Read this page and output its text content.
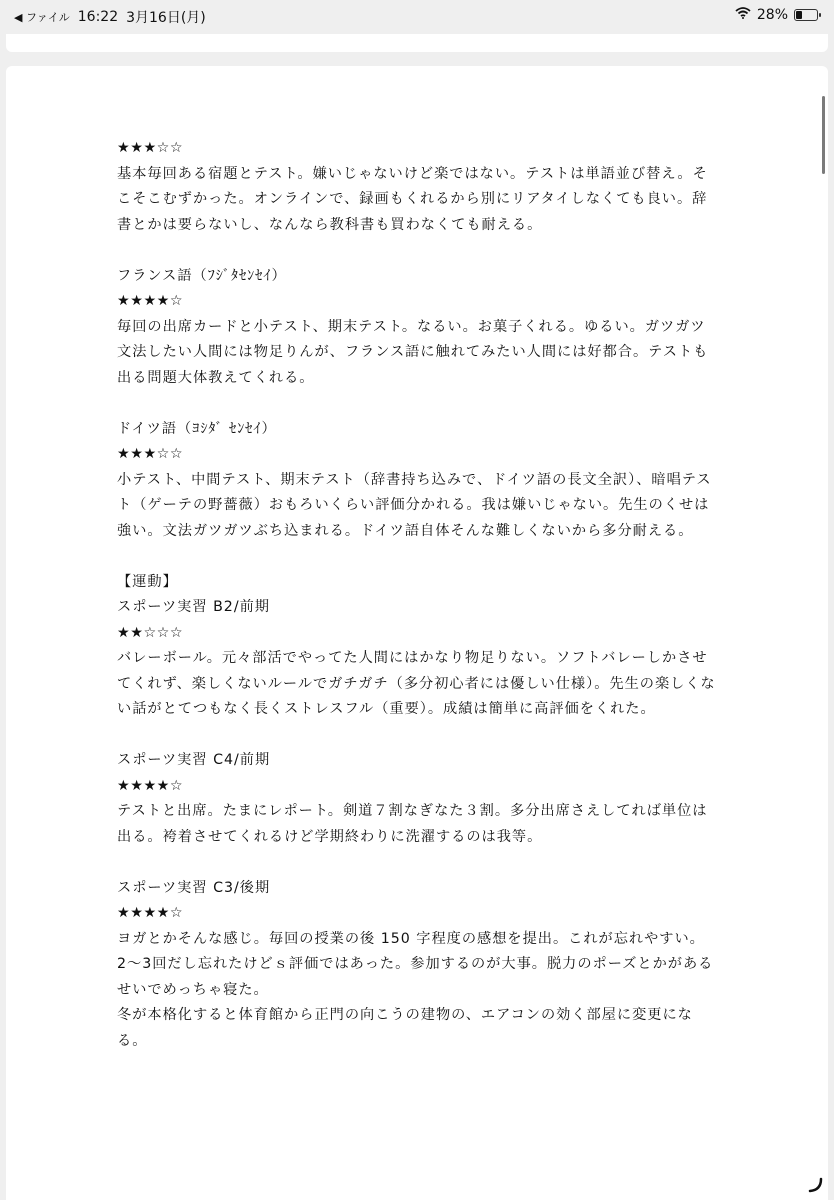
◀ ファイル 16:22 3月16日(月)	28%
★★★☆☆
基本毎回ある宿題とテスト。嫌いじゃないけど楽ではない。テストは単語並び替え。そこそこむずかった。オンラインで、録画もくれるから別にリアタイしなくても良い。辞書とかは要らないし、なんなら教科書も買わなくても耐える。
フランス語（ﾌｼﾞﾀｾﾝｾｲ）
★★★★☆
毎回の出席カードと小テスト、期末テスト。なるい。お菓子くれる。ゆるい。ガツガツ文法したい人間には物足りんが、フランス語に触れてみたい人間には好都合。テストも出る問題大体教えてくれる。
ドイツ語（ﾖｼﾀﾞ ｾﾝｾｲ）
★★★☆☆
小テスト、中間テスト、期末テスト（辞書持ち込みで、ドイツ語の長文全訳）、暗唱テスト（ゲーテの野薔薇）おもろいくらい評価分かれる。我は嫌いじゃない。先生のくせは強い。文法ガツガツぶち込まれる。ドイツ語自体そんな難しくないから多分耐える。
【運動】
スポーツ実習 B2/前期
★★☆☆☆
バレーボール。元々部活でやってた人間にはかなり物足りない。ソフトバレーしかさせてくれず、楽しくないルールでガチガチ（多分初心者には優しい仕様）。先生の楽しくない話がとてつもなく長くストレスフル（重要）。成績は簡単に高評価をくれた。
スポーツ実習 C4/前期
★★★★☆
テストと出席。たまにレポート。剣道７割なぎなた３割。多分出席さえしてれば単位は出る。袴着させてくれるけど学期終わりに洗濯するのは我等。
スポーツ実習 C3/後期
★★★★☆
ヨガとかそんな感じ。毎回の授業の後 150 字程度の感想を提出。これが忘れやすい。2〜3回だし忘れたけどｓ評価ではあった。参加するのが大事。脱力のポーズとかがあるせいでめっちゃ寝た。
冬が本格化すると体育館から正門の向こうの建物の、エアコンの効く部屋に変更になる。
